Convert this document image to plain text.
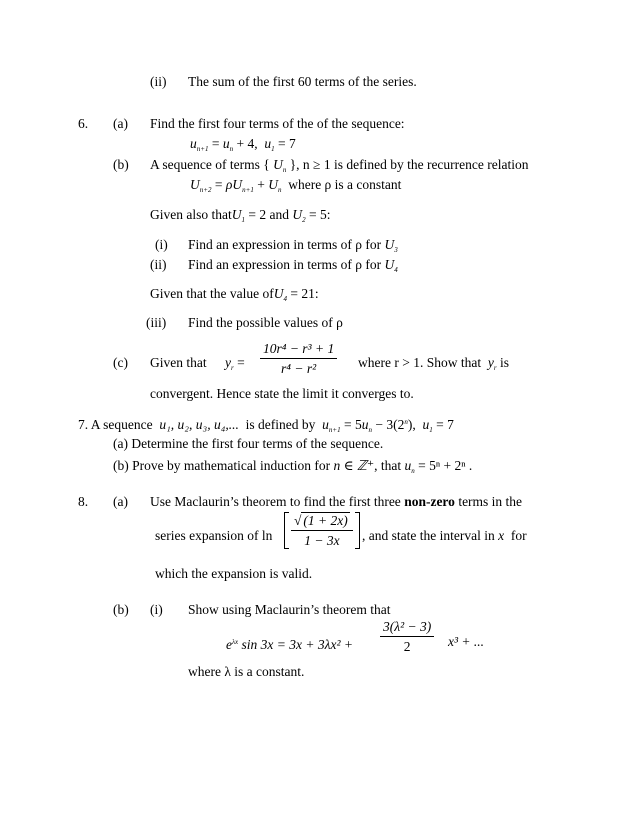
(ii) The sum of the first 60 terms of the series.
6. (a) Find the first four terms of the of the sequence:
$u_{n+1} = u_n + 4$,  $u_1 = 7$
(b) A sequence of terms { $U_n$ }, n ≥ 1 is defined by the recurrence relation
$U_{n+2} = \rho U_{n+1} + U_n$ where ρ is a constant
Given also thatU$_1$ = 2 and $U_2 = 5$:
(i) Find an expression in terms of ρ for $U_3$
(ii) Find an expression in terms of ρ for $U_4$
Given that the value ofU$_4$ = 21:
(iii) Find the possible values of ρ
(c) Given that $y_r = \frac{\text{10r⁴ − r³ + 1}}{\text{r⁴ − r²}}$ where r > 1. Show that $y_r$ is
convergent. Hence state the limit it converges to.
7. A sequence u₁, u₂, u₃, u₄,... is defined by $u_{n+1} = 5u_n - 3(2^n)$,  $u_1 = 7$
(a) Determine the first four terms of the sequence.
(b) Prove by mathematical induction for n ∈ ℤ⁺, that $u_n = 5^n + 2^n$ .
8. (a) Use Maclaurin’s theorem to find the first three non-zero terms in the
series expansion of $\ln \frac{√ (1 + 2x)}{1 - 3x}$ , and state the interval in x for
which the expansion is valid.
(b) (i) Show using Maclaurin’s theorem that
$e^{\lambda x}$ $\sin 3x = 3x + 3\lambda x^2 + \frac{\text{3(λ² − 3)}}{2} x^3$ + ...
where λ is a constant.
